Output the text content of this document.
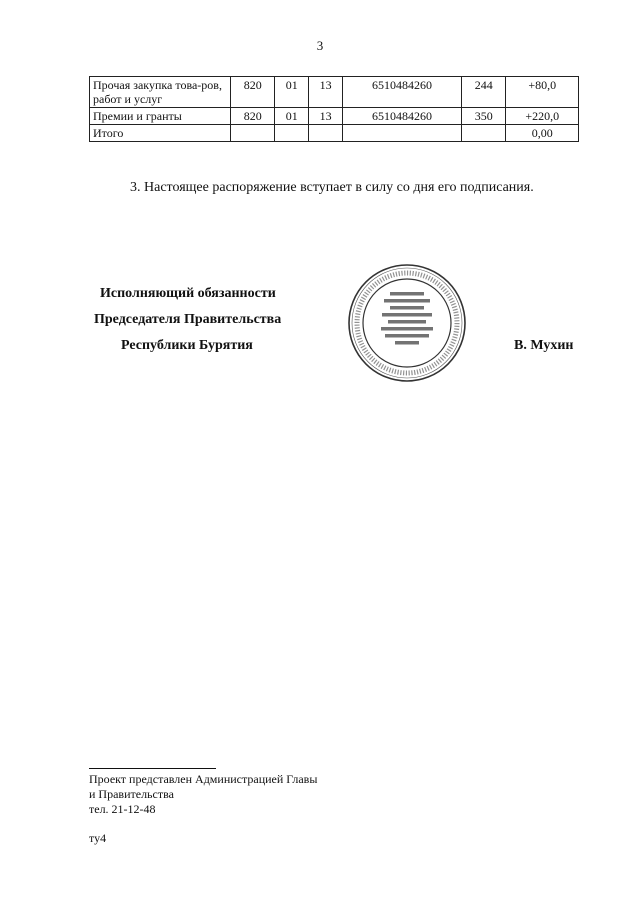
3
Прочая закупка това-ров, работ и услуг	820	01	13	6510484260	244	+80,0
Премии и гранты	820	01	13	6510484260	350	+220,0
Итого						0,00
3. Настоящее распоряжение вступает в силу со дня его подписания.
Исполняющий обязанности
Председателя Правительства
Республики Бурятия	В. Мухин
Проект представлен Администрацией Главы
и Правительства
тел. 21-12-48
ту4
